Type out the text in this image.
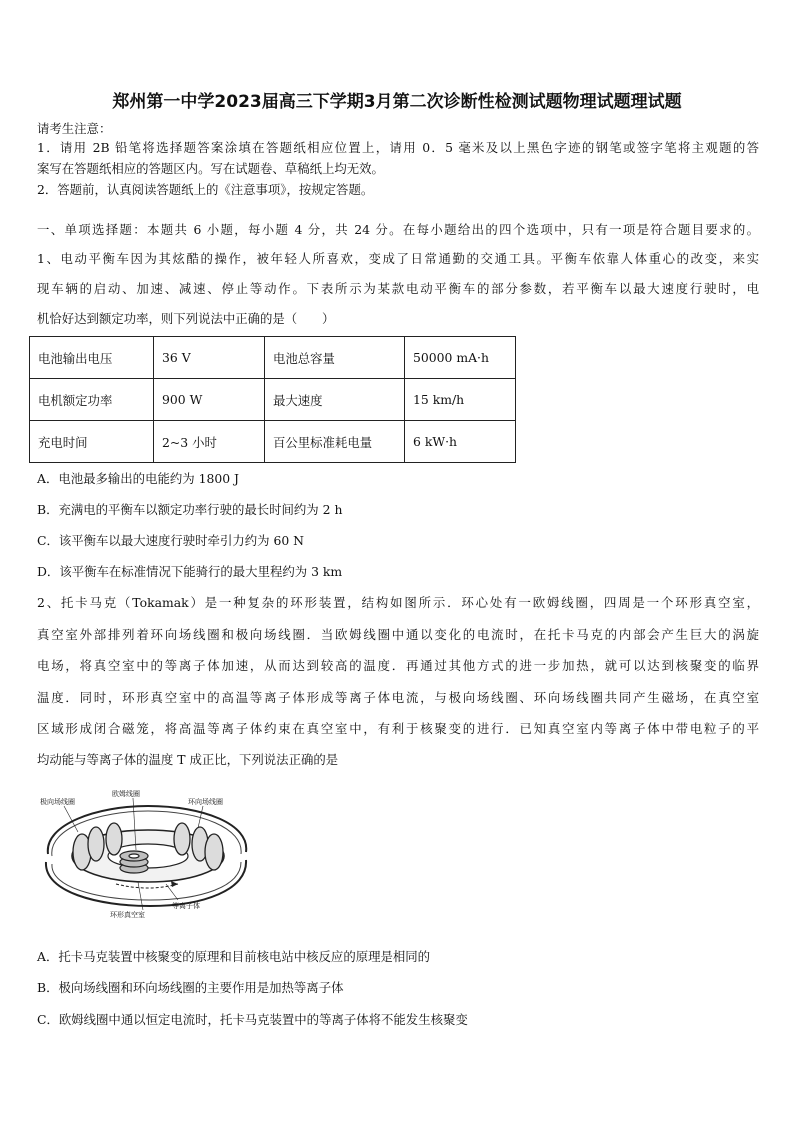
郑州第一中学2023届高三下学期3月第二次诊断性检测试题物理试题理试题
请考生注意：
1．请用 2B 铅笔将选择题答案涂填在答题纸相应位置上，请用 0．5 毫米及以上黑色字迹的钢笔或签字笔将主观题的答
案写在答题纸相应的答题区内。写在试题卷、草稿纸上均无效。
2．答题前，认真阅读答题纸上的《注意事项》，按规定答题。
一、单项选择题：本题共 6 小题，每小题 4 分，共 24 分。在每小题给出的四个选项中，只有一项是符合题目要求的。
1、电动平衡车因为其炫酷的操作，被年轻人所喜欢，变成了日常通勤的交通工具。平衡车依靠人体重心的改变，来实
现车辆的启动、加速、减速、停止等动作。下表所示为某款电动平衡车的部分参数，若平衡车以最大速度行驶时，电
机恰好达到额定功率，则下列说法中正确的是（　　）
电池输出电压	36 V	电池总容量	50000 mA·h
电机额定功率	900 W	最大速度	15 km/h
充电时间	2~3 小时	百公里标准耗电量	6 kW·h
A．电池最多输出的电能约为 1800 J
B．充满电的平衡车以额定功率行驶的最长时间约为 2 h
C．该平衡车以最大速度行驶时牵引力约为 60 N
D．该平衡车在标准情况下能骑行的最大里程约为 3 km
2、托卡马克（Tokamak）是一种复杂的环形装置，结构如图所示．环心处有一欧姆线圈，四周是一个环形真空室，
真空室外部排列着环向场线圈和极向场线圈．当欧姆线圈中通以变化的电流时，在托卡马克的内部会产生巨大的涡旋
电场，将真空室中的等离子体加速，从而达到较高的温度．再通过其他方式的进一步加热，就可以达到核聚变的临界
温度．同时，环形真空室中的高温等离子体形成等离子体电流，与极向场线圈、环向场线圈共同产生磁场，在真空室
区域形成闭合磁笼，将高温等离子体约束在真空室中，有利于核聚变的进行．已知真空室内等离子体中带电粒子的平
均动能与等离子体的温度 T 成正比，下列说法正确的是
极向场线圈
欧姆线圈
环向场线圈
等离子体
环形真空室
A．托卡马克装置中核聚变的原理和目前核电站中核反应的原理是相同的
B．极向场线圈和环向场线圈的主要作用是加热等离子体
C．欧姆线圈中通以恒定电流时，托卡马克装置中的等离子体将不能发生核聚变
